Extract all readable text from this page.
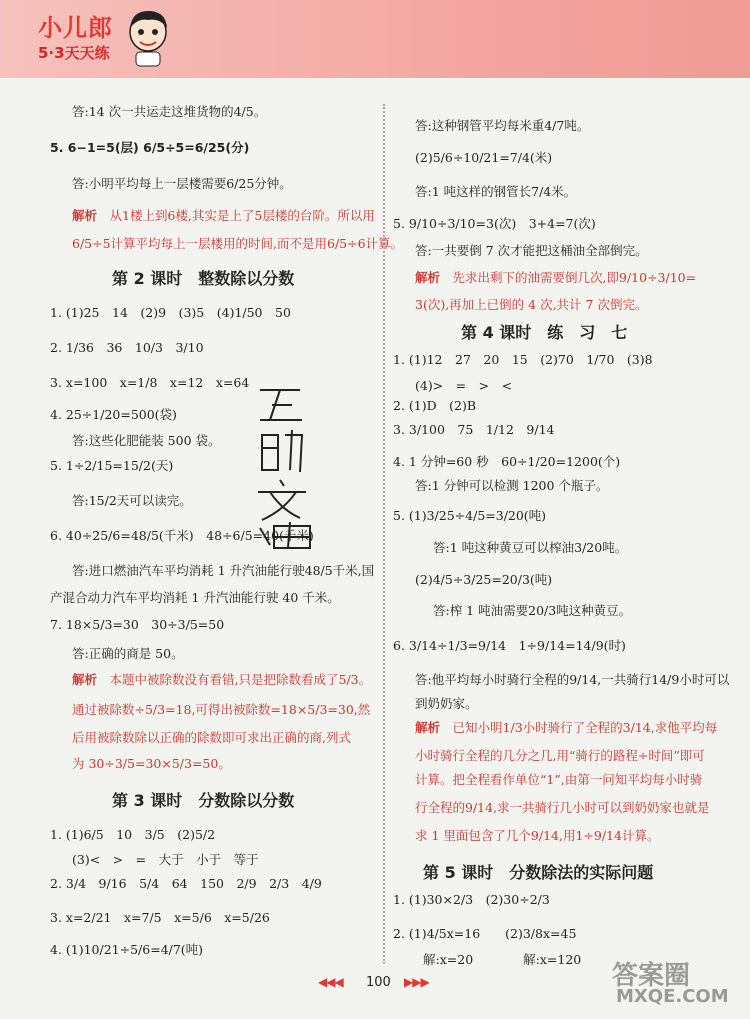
小儿郎
5·3天天练
答:14 次一共运走这堆货物的4/5。
5. 6−1=5(层) 6/5÷5=6/25(分)
答:小明平均每上一层楼需要6/25分钟。
解析　 从1楼上到6楼,其实是上了5层楼的台阶。所以用
6/5÷5计算平均每上一层楼用的时间,而不是用6/5÷6计算。
第 2 课时　整数除以分数
1. (1)25　14　(2)9　(3)5　(4)1/50　50
2. 1/36　36　10/3　3/10
3. x=100　x=1/8　x=12　x=64
4. 25÷1/20=500(袋)
答:这些化肥能装 500 袋。
5. 1÷2/15=15/2(天)
答:15/2天可以读完。
6. 40÷25/6=48/5(千米)　48÷6/5=40(千米)
答:进口燃油汽车平均消耗 1 升汽油能行驶48/5千米,国
产混合动力汽车平均消耗 1 升汽油能行驶 40 千米。
7. 18×5/3=30　30÷3/5=50
答:正确的商是 50。
解析　 本题中被除数没有看错,只是把除数看成了5/3。
通过被除数÷5/3=18,可得出被除数=18×5/3=30,然
后用被除数除以正确的除数即可求出正确的商,列式
为 30÷3/5=30×5/3=50。
第 3 课时　分数除以分数
1. (1)6/5　10　3/5　(2)5/2
(3)<　>　=　大于　小于　等于
2. 3/4　9/16　5/4　64　150　2/9　2/3　4/9
3. x=2/21　x=7/5　x=5/6　x=5/26
4. (1)10/21÷5/6=4/7(吨)
答:这种钢管平均每米重4/7吨。
(2)5/6÷10/21=7/4(米)
答:1 吨这样的钢管长7/4米。
5. 9/10÷3/10=3(次)　3+4=7(次)
答:一共要倒 7 次才能把这桶油全部倒完。
解析　 先求出剩下的油需要倒几次,即9/10÷3/10=
3(次),再加上已倒的 4 次,共计 7 次倒完。
第 4 课时　练　习　七
1. (1)12　27　20　15　(2)70　1/70　(3)8
(4)>　=　>　<
2. (1)D　(2)B
3. 3/100　75　1/12　9/14
4. 1 分钟=60 秒　60÷1/20=1200(个)
答:1 分钟可以检测 1200 个瓶子。
5. (1)3/25÷4/5=3/20(吨)
答:1 吨这种黄豆可以榨油3/20吨。
(2)4/5÷3/25=20/3(吨)
答:榨 1 吨油需要20/3吨这种黄豆。
6. 3/14÷1/3=9/14　1÷9/14=14/9(时)
答:他平均每小时骑行全程的9/14,一共骑行14/9小时可以
到奶奶家。
解析　 已知小明1/3小时骑行了全程的3/14,求他平均每
小时骑行全程的几分之几,用“骑行的路程÷时间”即可
计算。把全程看作单位“1”,由第一问知平均每小时骑
行全程的9/14,求一共骑行几小时可以到奶奶家也就是
求 1 里面包含了几个9/14,用1÷9/14计算。
第 5 课时　分数除法的实际问题
1. (1)30×2/3　(2)30÷2/3
2. (1)4/5x=16　　(2)3/8x=45
解:x=20　　　　解:x=120
◀◀◀ 100 ▶▶▶	答案圈
MXQE.COM
